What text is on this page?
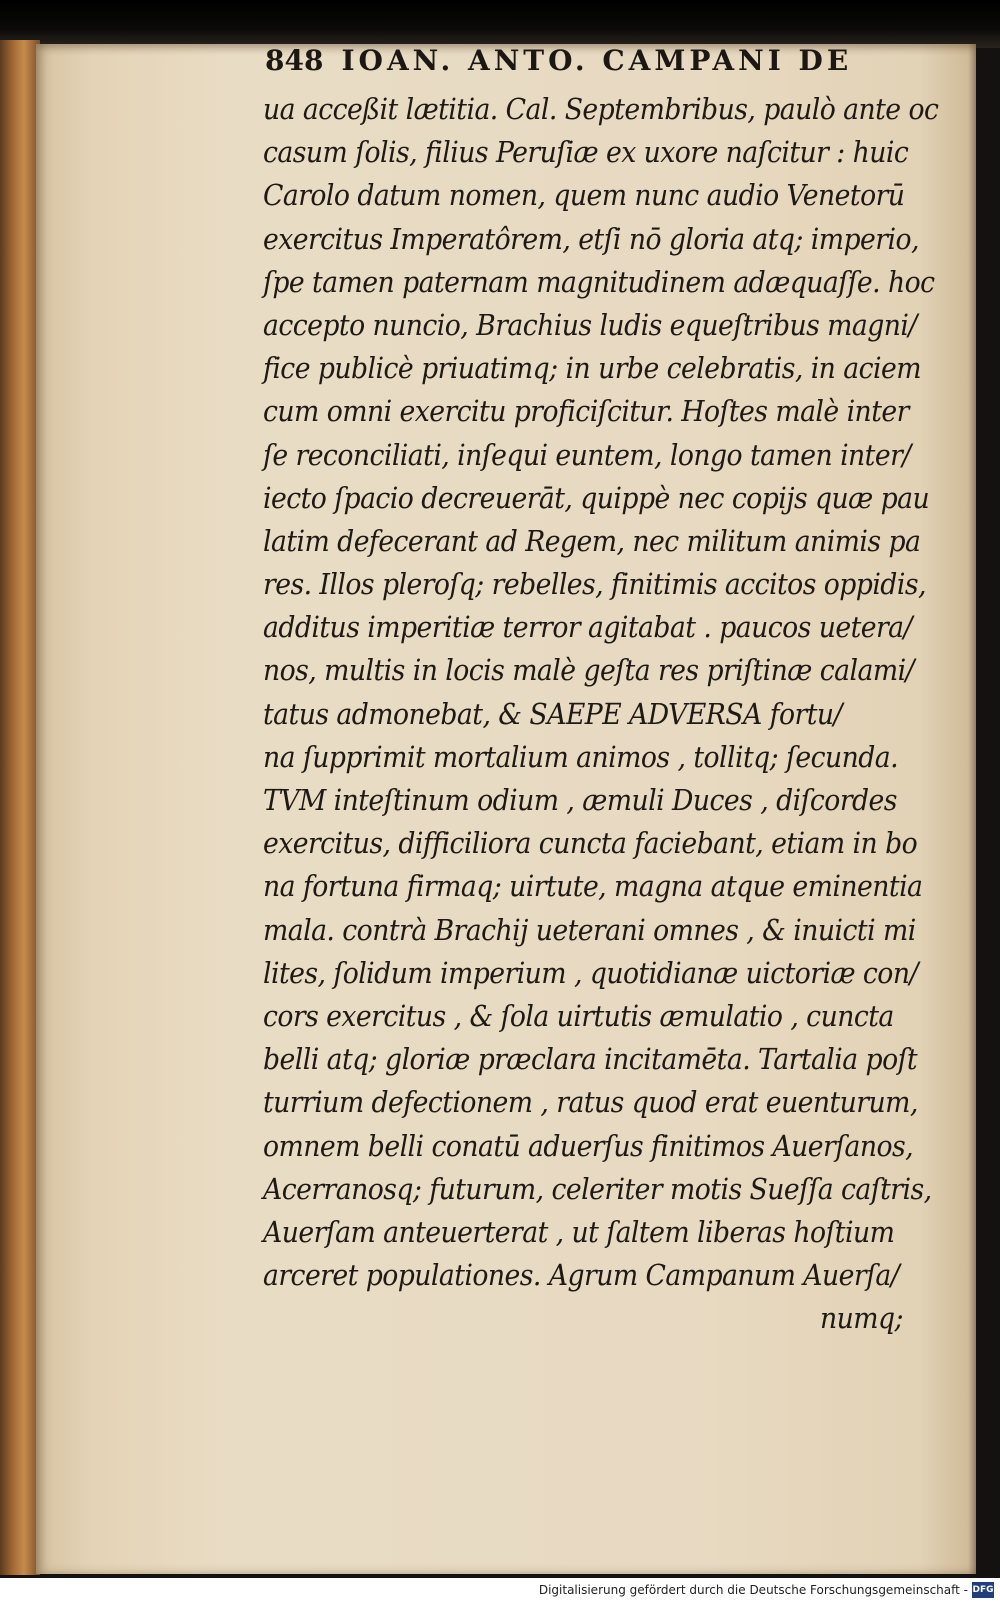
848 IOAN. ANTO. CAMPANI DE
ua acceßit lætitia. Cal. Septembribus, paulò ante oc
casum ſolis, filius Peruſiæ ex uxore naſcitur : huic
Carolo datum nomen, quem nunc audio Venetorū
exercitus Imperatôrem, etſi nō gloria atq; imperio,
ſpe tamen paternam magnitudinem adæquaſſe. hoc
accepto nuncio, Brachius ludis equeſtribus magni/
fice publicè priuatimq; in urbe celebratis, in aciem
cum omni exercitu proficiſcitur. Hoſtes malè inter
ſe reconciliati, inſequi euntem, longo tamen inter/
iecto ſpacio decreuerāt, quippè nec copijs quæ pau
latim defecerant ad Regem, nec militum animis pa
res. Illos pleroſq; rebelles, finitimis accitos oppidis,
additus imperitiæ terror agitabat . paucos uetera/
nos, multis in locis malè geſta res priſtinæ calami/
tatus admonebat, & SAEPE ADVERSA fortu/
na ſupprimit mortalium animos , tollitq; ſecunda.
TVM inteſtinum odium , æmuli Duces , diſcordes
exercitus, difficiliora cuncta faciebant, etiam in bo
na fortuna firmaq; uirtute, magna atque eminentia
mala. contrà Brachij ueterani omnes , & inuicti mi
lites, ſolidum imperium , quotidianæ uictoriæ con/
cors exercitus , & ſola uirtutis æmulatio , cuncta
belli atq; gloriæ præclara incitamēta. Tartalia poſt
turrium defectionem , ratus quod erat euenturum,
omnem belli conatū aduerſus finitimos Auerſanos,
Acerranosq; futurum, celeriter motis Sueſſa caſtris,
Auerſam anteuerterat , ut ſaltem liberas hoſtium
arceret populationes. Agrum Campanum Auerſa/
numq;
Digitalisierung gefördert durch die Deutsche Forschungsgemeinschaft - DFG
